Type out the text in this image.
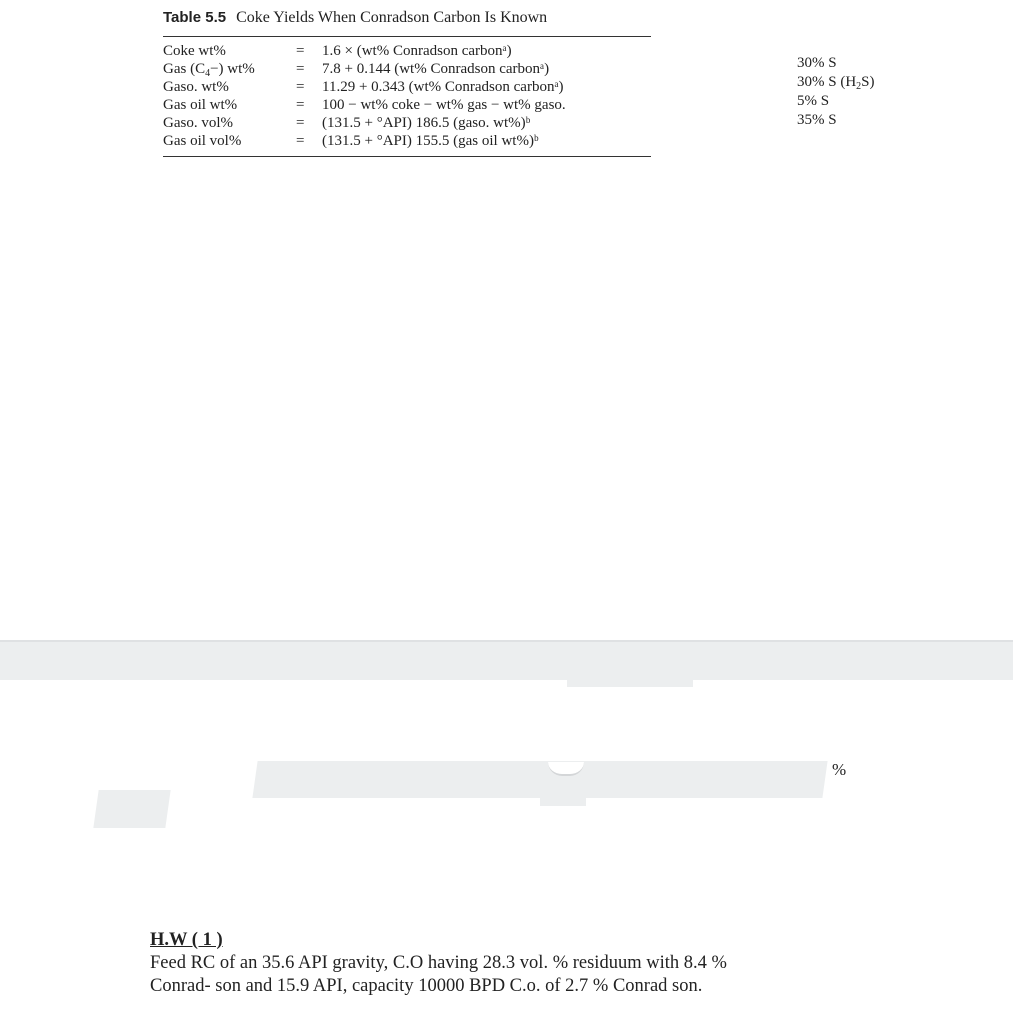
Table 5.5 Coke Yields When Conradson Carbon Is Known
Coke wt%	=	1.6 × (wt% Conradson carbonᵃ)
Gas $(C_4-)$ wt%	=	7.8 + 0.144 (wt% Conradson carbonᵃ)
Gaso. wt%	=	11.29 + 0.343 (wt% Conradson carbonᵃ)
Gas oil wt%	=	100 − wt% coke − wt% gas − wt% gaso.
Gaso. vol%	=	(131.5 + °API) 186.5 (gaso. wt%)ᵇ
Gas oil vol%	=	(131.5 + °API) 155.5 (gas oil wt%)ᵇ
30% S
30% S $(H_2S)$
5% S
35% S
%
H.W ( 1 )
Feed RC of an 35.6 API gravity, C.O having 28.3 vol. % residuum with 8.4 %
Conrad- son and 15.9 API, capacity 10000 BPD C.o. of 2.7 % Conrad son.
